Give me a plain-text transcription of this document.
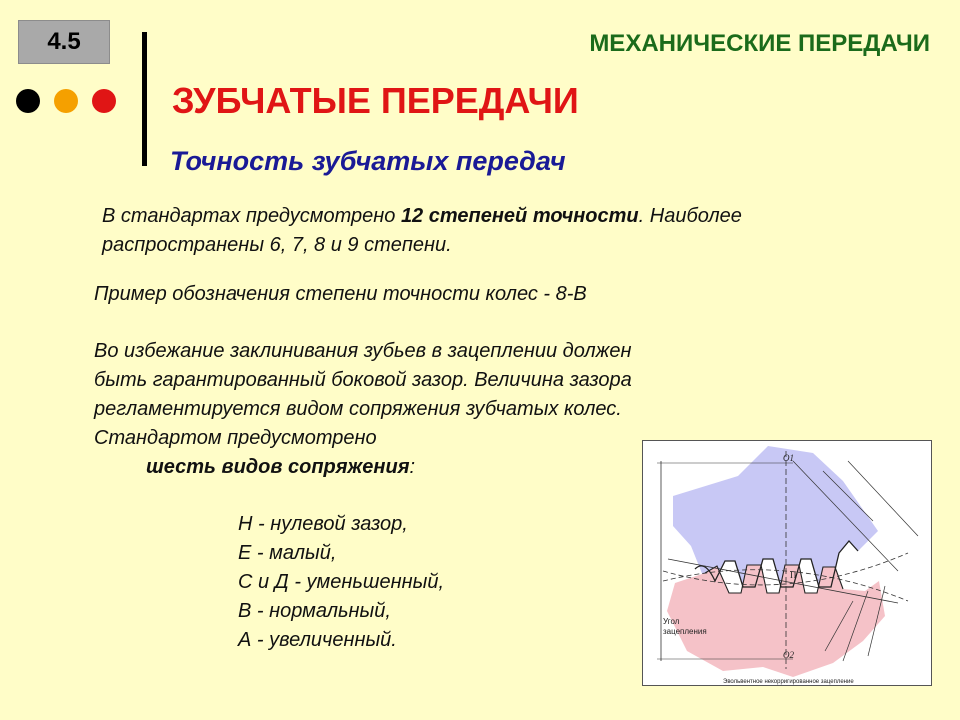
4.5	МЕХАНИЧЕСКИЕ ПЕРЕДАЧИ
ЗУБЧАТЫЕ ПЕРЕДАЧИ
Точность зубчатых передач
В стандартах предусмотрено 12 степеней точности. Наиболее распространены 6, 7, 8 и 9 степени.
Пример обозначения степени точности колес - 8-В
Во избежание заклинивания зубьев в зацеплении должен
быть гарантированный боковой зазор. Величина зазора
регламентируется видом сопряжения зубчатых колес.
Стандартом предусмотрено
шесть видов сопряжения:
Н - нулевой зазор,
Е - малый,
С и Д - уменьшенный,
В - нормальный,
А - увеличенный.
O1
П
O2
Угол
зацепления
Эвольвентное некорригированное зацепление
